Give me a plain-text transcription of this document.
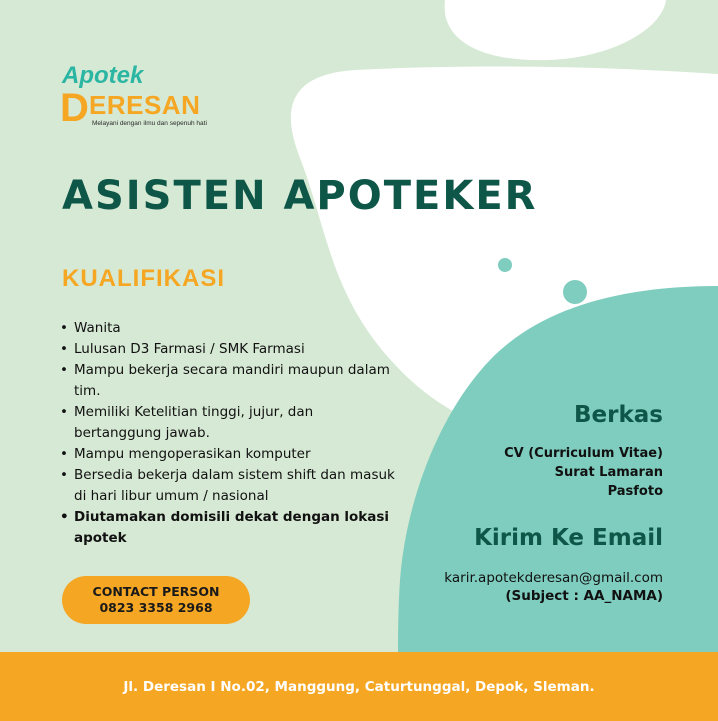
Apotek
D ERESAN
Melayani dengan ilmu dan sepenuh hati
ASISTEN APOTEKER
KUALIFIKASI
• Wanita
• Lulusan D3 Farmasi / SMK Farmasi
• Mampu bekerja secara mandiri maupun dalam tim.
• Memiliki Ketelitian tinggi, jujur, dan bertanggung jawab.
• Mampu mengoperasikan komputer
• Bersedia bekerja dalam sistem shift dan masuk di hari libur umum / nasional
• Diutamakan domisili dekat dengan lokasi apotek
CONTACT PERSON
0823 3358 2968
Berkas
CV (Curriculum Vitae)
Surat Lamaran
Pasfoto
Kirim Ke Email
karir.apotekderesan@gmail.com
(Subject : AA_NAMA)
Jl. Deresan I No.02, Manggung, Caturtunggal, Depok, Sleman.
